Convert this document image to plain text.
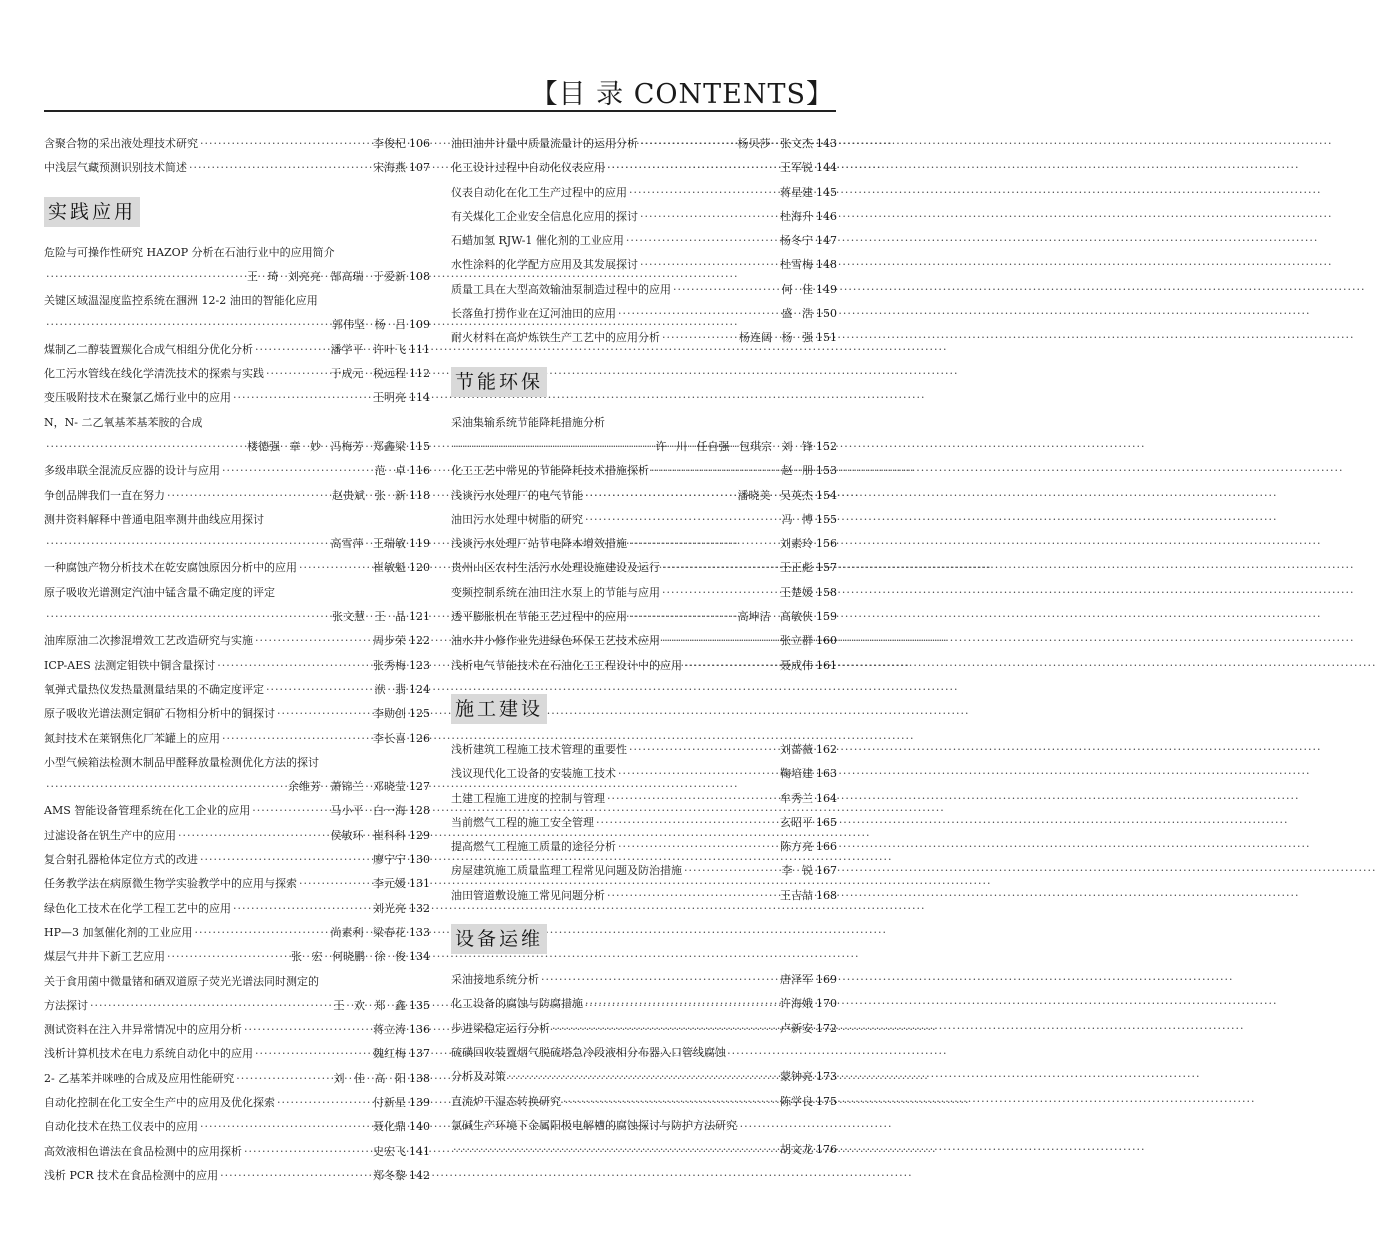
【目 录 CONTENTS】
含聚合物的采出液处理技术研究 ·····	李俊杞 106
中浅层气藏预测识别技术简述 ·····	宋海燕 107
实践应用
危险与可操作性研究 HAZOP 分析在石油行业中的应用简介
·····
王 琦 刘亮亮 郜高瑞 于爱新 108
关键区域温湿度监控系统在涠洲 12-2 油田的智能化应用
·····
郭伟坚 杨 吕 109
煤制乙二醇装置羰化合成气相组分优化分析 ·····	潘学平 许叶飞 111
化工污水管线在线化学清洗技术的探索与实践 ·····	于成元 税远程 112
变压吸附技术在聚氯乙烯行业中的应用 ·····	王明亮 114
N，N- 二乙氧基苯基苯胺的合成
·····
楼德强 章 妙 冯梅芳 郑鑫梁 115
多级串联全混流反应器的设计与应用 ·····	范 卓 116
争创品牌我们一直在努力 ·····	赵贵斌 张 新 118
测井资料解释中普通电阻率测井曲线应用探讨
·····
高雪萍 王瑞敏 119
一种腐蚀产物分析技术在乾安腐蚀原因分析中的应用 ·····	崔敏魁 120
原子吸收光谱测定汽油中锰含量不确定度的评定
·····
张文慧 王 晶 121
油库原油二次掺混增效工艺改造研究与实施 ·····	周步荣 122
ICP-AES 法测定钼铁中铜含量探讨 ·····	张秀梅 123
氧弹式量热仪发热量测量结果的不确定度评定 ·····	洑 翡 124
原子吸收光谱法测定铜矿石物相分析中的铜探讨 ·····	李勋创 125
氮封技术在莱钢焦化厂苯罐上的应用 ·····	李长喜 126
小型气候箱法检测木制品甲醛释放量检测优化方法的探讨
·····
余维芳 萧锦兰 邓晓莹 127
AMS 智能设备管理系统在化工企业的应用 ·····	马小平 白一海 128
过滤设备在钒生产中的应用 ·····	侯敏环 崔科科 129
复合射孔器枪体定位方式的改进 ·····	廖宁宁 130
任务教学法在病原微生物学实验教学中的应用与探索 ·····	李元媛 131
绿色化工技术在化学工程工艺中的应用 ·····	刘光亮 132
HP—3 加氢催化剂的工业应用 ·····	尚素利 梁春花 133
煤层气井井下新工艺应用 ·····	张 宏 何晓鹏 徐 俊 134
关于食用菌中微量锗和硒双道原子荧光光谱法同时测定的
方法探讨 ·····	王 欢 郑 鑫 135
测试资料在注入井异常情况中的应用分析 ·····	蒋立涛 136
浅析计算机技术在电力系统自动化中的应用 ·····	魏红梅 137
2- 乙基苯并咪唑的合成及应用性能研究 ·····	刘 佳 高 阳 138
自动化控制在化工安全生产中的应用及优化探索 ·····	付新星 139
自动化技术在热工仪表中的应用 ·····	聂化鼎 140
高效液相色谱法在食品检测中的应用探析 ·····	史宏飞 141
浅析 PCR 技术在食品检测中的应用 ·····	郑冬黎 142
油田油井计量中质量流量计的运用分析 ·····	杨贝莎 张文杰 143
化工设计过程中自动化仪表应用 ·····	王军锐 144
仪表自动化在化工生产过程中的应用 ·····	蒋星建 145
有关煤化工企业安全信息化应用的探讨 ·····	杜海升 146
石蜡加氢 RJW-1 催化剂的工业应用 ·····	杨冬宁 147
水性涂料的化学配方应用及其发展探讨 ·····	杜雪梅 148
质量工具在大型高效输油泵制造过程中的应用 ·····	何 佳 149
长落鱼打捞作业在辽河油田的应用 ·····	盛 浩 150
耐火材料在高炉炼铁生产工艺中的应用分析 ·····	杨连阔 杨 强 151
节能环保
采油集输系统节能降耗措施分析
·····
许 川 任自强 包琪宗 刘 锋 152
化工工艺中常见的节能降耗技术措施探析 ·····	赵 朋 153
浅谈污水处理厂的电气节能 ·····	潘晓美 吴英杰 154
油田污水处理中树脂的研究 ·····	冯 博 155
浅谈污水处理厂站节电降本增效措施 ·····	刘素玲 156
贵州山区农村生活污水处理设施建设及运行 ·····	王正彪 157
变频控制系统在油田注水泵上的节能与应用 ·····	王楚媛 158
透平膨胀机在节能工艺过程中的应用 ·····	高坤洁 高敏侠 159
油水井小修作业先进绿色环保工艺技术应用 ·····	张立群 160
浅析电气节能技术在石油化工工程设计中的应用 ·····	聂成伟 161
施工建设
浅析建筑工程施工技术管理的重要性 ·····	刘蔷薇 162
浅议现代化工设备的安装施工技术 ·····	鞠培建 163
土建工程施工进度的控制与管理 ·····	牟秀兰 164
当前燃气工程的施工安全管理 ·····	玄昭平 165
提高燃气工程施工质量的途径分析 ·····	陈方亮 166
房屋建筑施工质量监理工程常见问题及防治措施 ·····	李 锐 167
油田管道敷设施工常见问题分析 ·····	王吉喆 168
设备运维
采油接地系统分析 ·····	唐泽军 169
化工设备的腐蚀与防腐措施 ·····	许海娥 170
步进梁稳定运行分析 ·····	卢新安 172
硫磺回收装置烟气脱硫塔急冷段液相分布器入口管线腐蚀
分析及对策 ·····	蒙钟亮 173
直流炉干湿态转换研究 ·····	陈学良 175
氯碱生产环境下金属阳极电解槽的腐蚀探讨与防护方法研究
·····
胡文龙 176
